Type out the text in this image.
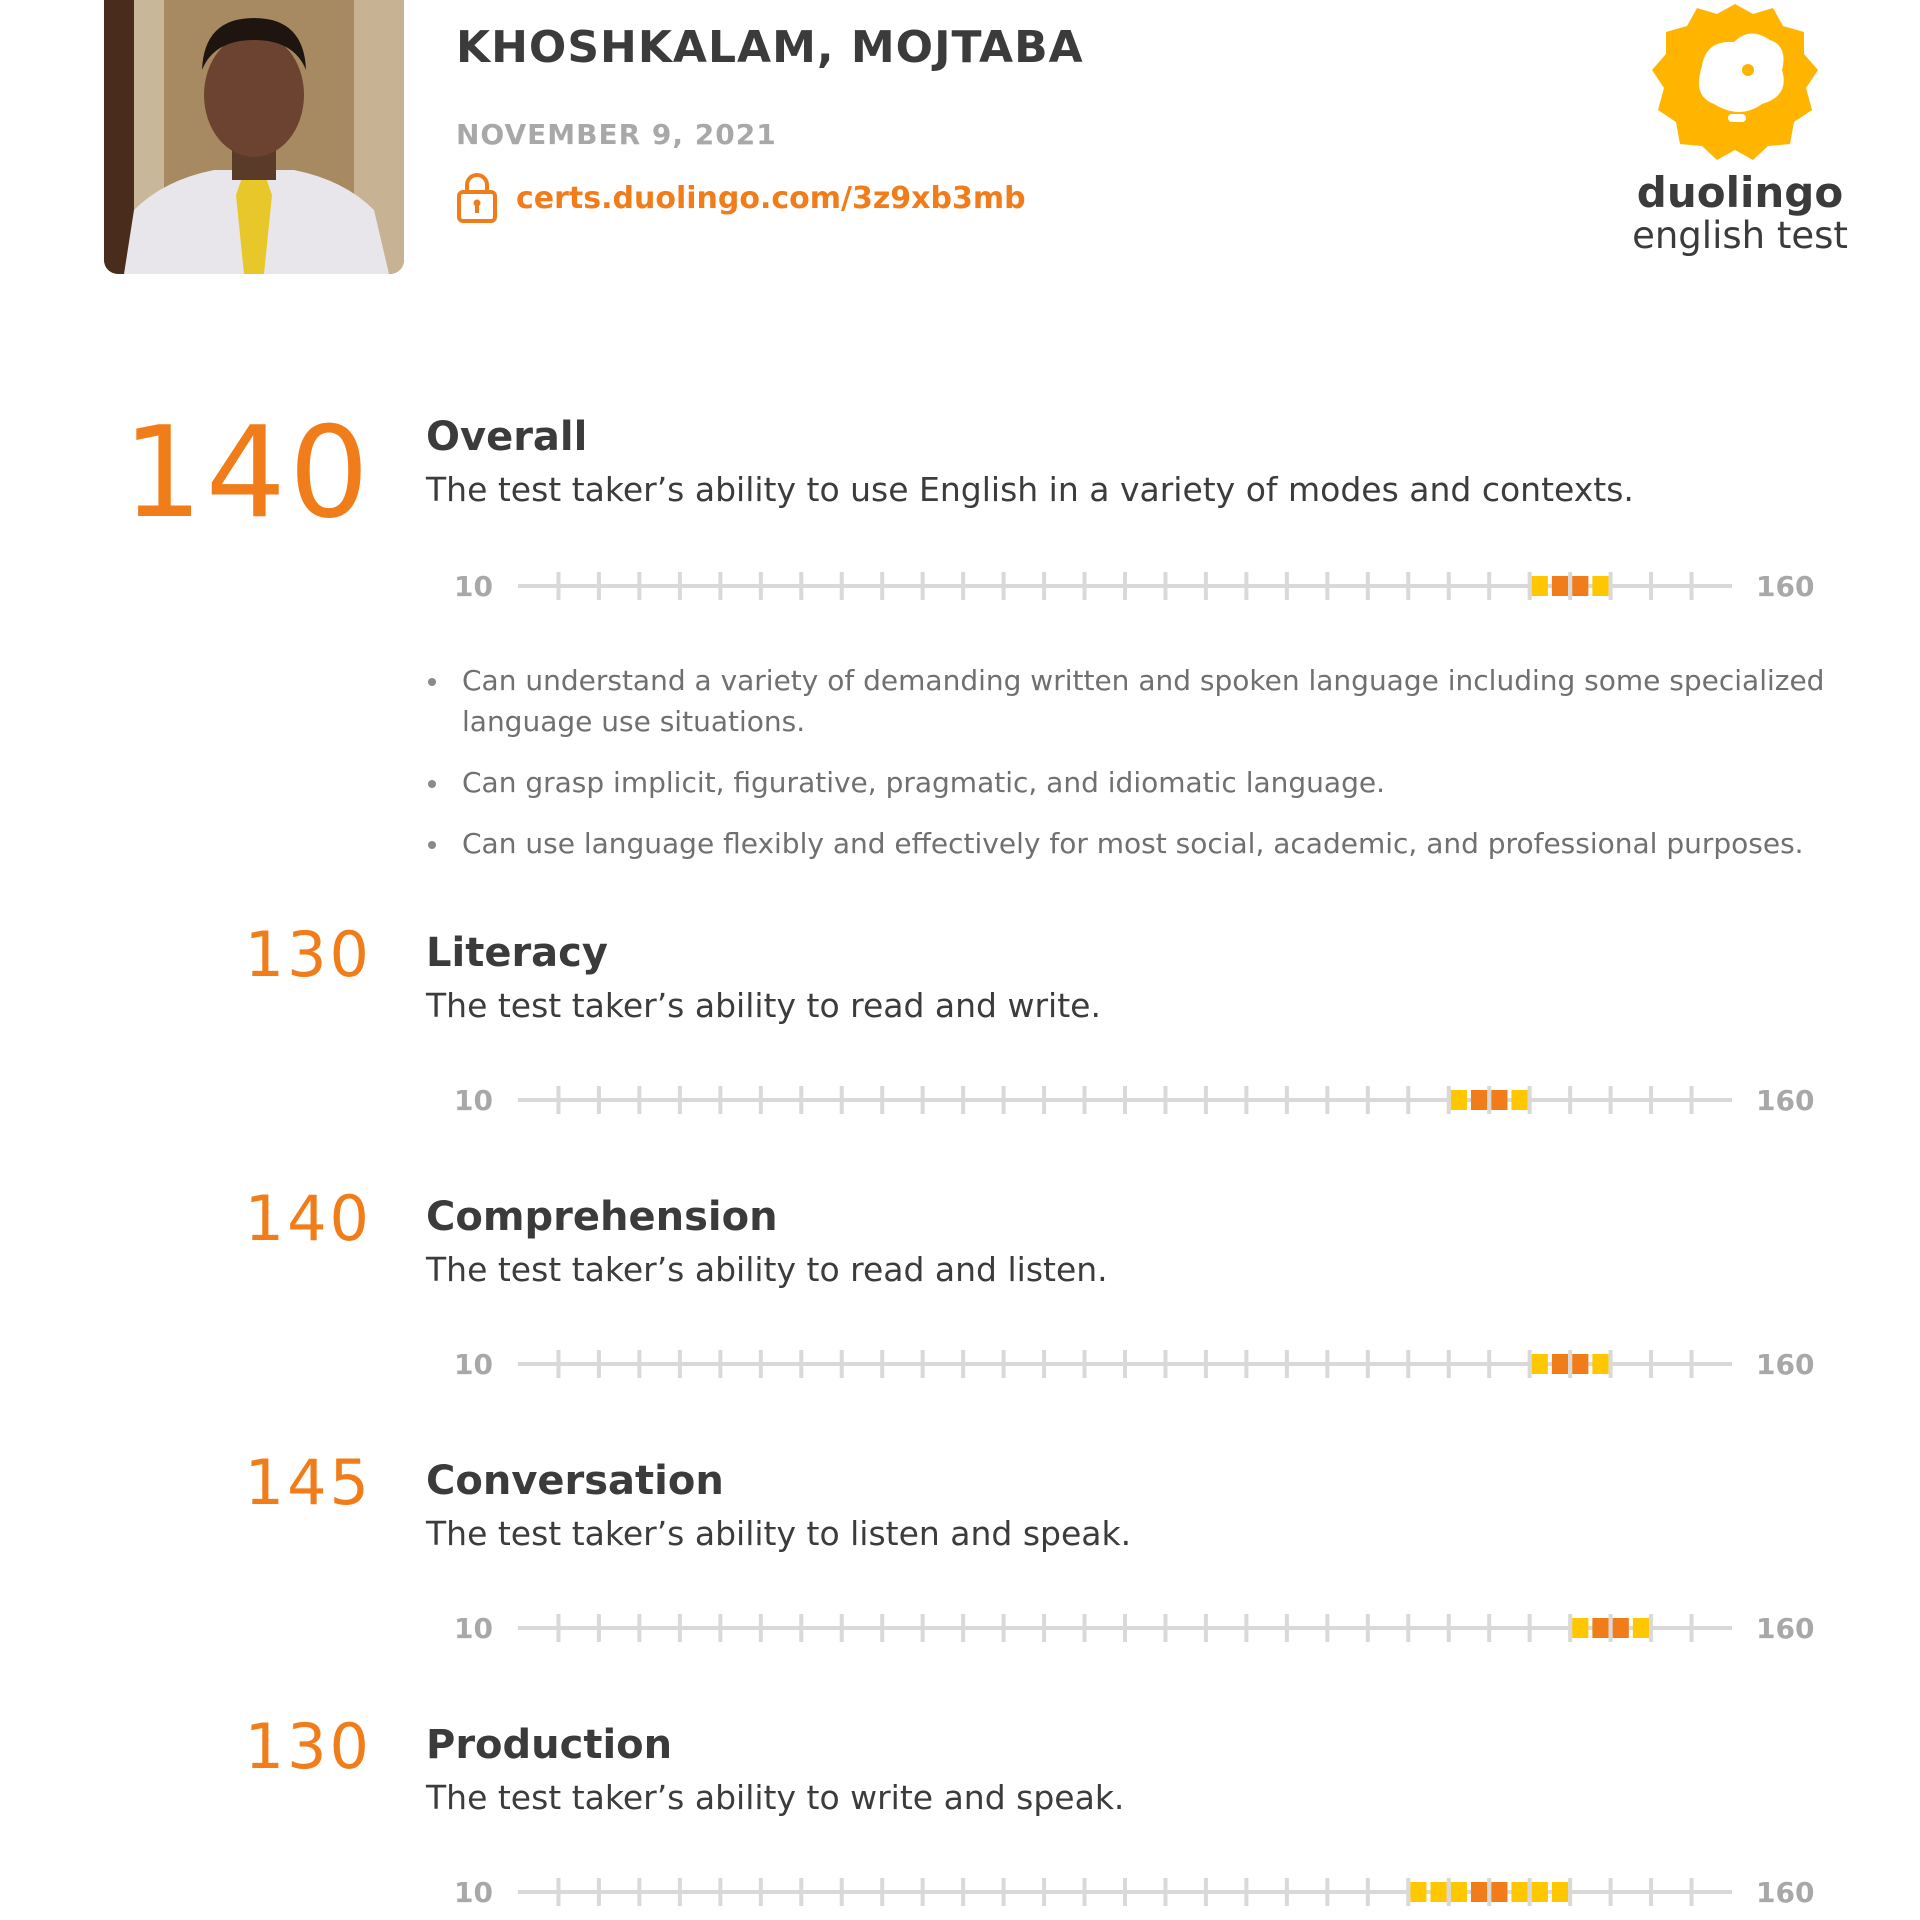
KHOSHKALAM, MOJTABA
NOVEMBER 9, 2021
certs.duolingo.com/3z9xb3mb	duolingo
english test
140 Overall
The test taker’s ability to use English in a variety of modes and contexts.
10	160
Can understand a variety of demanding written and spoken language including some specialized language use situations.
Can grasp implicit, figurative, pragmatic, and idiomatic language.
Can use language flexibly and effectively for most social, academic, and professional purposes.
130 Literacy
The test taker’s ability to read and write.
10	160
140 Comprehension
The test taker’s ability to read and listen.
10	160
145 Conversation
The test taker’s ability to listen and speak.
10	160
130 Production
The test taker’s ability to write and speak.
10	160
